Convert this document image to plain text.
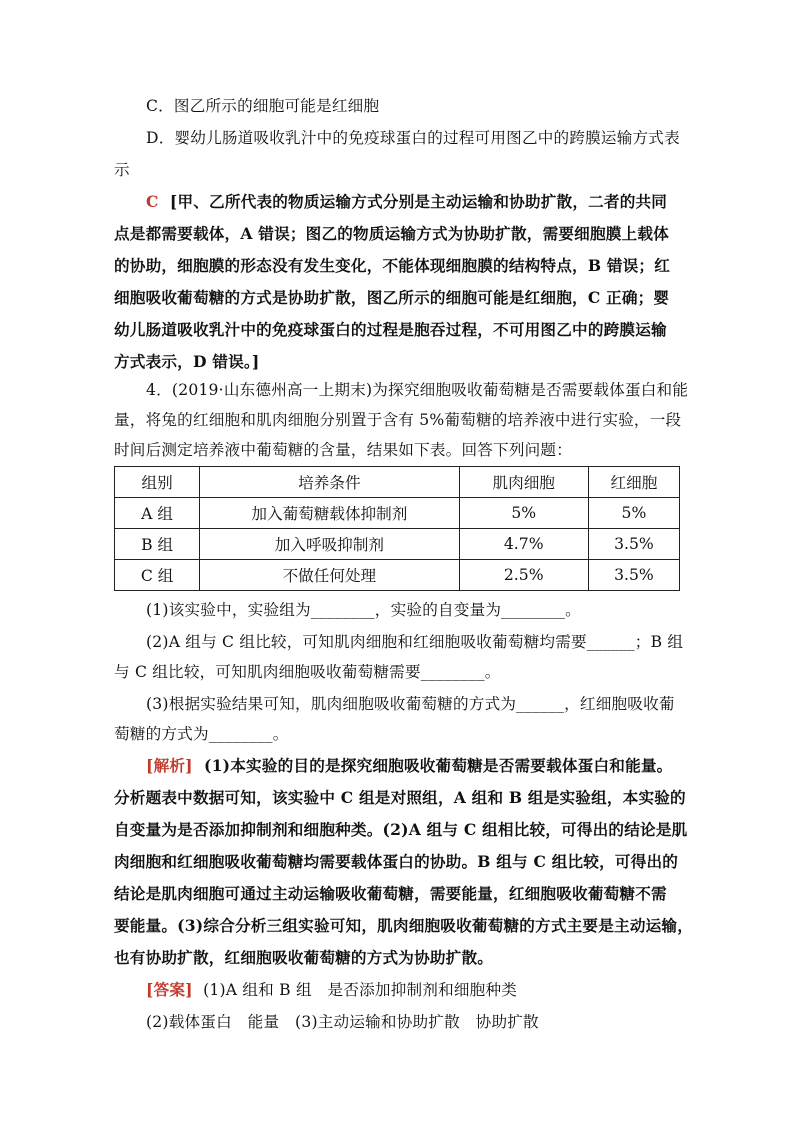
C．图乙所示的细胞可能是红细胞
D．婴幼儿肠道吸收乳汁中的免疫球蛋白的过程可用图乙中的跨膜运输方式表
示
C [甲、乙所代表的物质运输方式分别是主动运输和协助扩散，二者的共同
点是都需要载体，A 错误；图乙的物质运输方式为协助扩散，需要细胞膜上载体
的协助，细胞膜的形态没有发生变化，不能体现细胞膜的结构特点，B 错误；红
细胞吸收葡萄糖的方式是协助扩散，图乙所示的细胞可能是红细胞，C 正确；婴
幼儿肠道吸收乳汁中的免疫球蛋白的过程是胞吞过程，不可用图乙中的跨膜运输
方式表示，D 错误。]
4．(2019·山东德州高一上期末)为探究细胞吸收葡萄糖是否需要载体蛋白和能
量，将兔的红细胞和肌肉细胞分别置于含有 5%葡萄糖的培养液中进行实验，一段
时间后测定培养液中葡萄糖的含量，结果如下表。回答下列问题：
组别	培养条件	肌肉细胞	红细胞
A 组	加入葡萄糖载体抑制剂	5%	5%
B 组	加入呼吸抑制剂	4.7%	3.5%
C 组	不做任何处理	2.5%	3.5%
(1)该实验中，实验组为________，实验的自变量为________。
(2)A 组与 C 组比较，可知肌肉细胞和红细胞吸收葡萄糖均需要______；B 组
与 C 组比较，可知肌肉细胞吸收葡萄糖需要________。
(3)根据实验结果可知，肌肉细胞吸收葡萄糖的方式为______，红细胞吸收葡
萄糖的方式为________。
[解析] (1)本实验的目的是探究细胞吸收葡萄糖是否需要载体蛋白和能量。
分析题表中数据可知，该实验中 C 组是对照组，A 组和 B 组是实验组，本实验的
自变量为是否添加抑制剂和细胞种类。(2)A 组与 C 组相比较，可得出的结论是肌
肉细胞和红细胞吸收葡萄糖均需要载体蛋白的协助。B 组与 C 组比较，可得出的
结论是肌肉细胞可通过主动运输吸收葡萄糖，需要能量，红细胞吸收葡萄糖不需
要能量。(3)综合分析三组实验可知，肌肉细胞吸收葡萄糖的方式主要是主动运输，
也有协助扩散，红细胞吸收葡萄糖的方式为协助扩散。
[答案] (1)A 组和 B 组　是否添加抑制剂和细胞种类
(2)载体蛋白　能量　(3)主动运输和协助扩散　协助扩散
